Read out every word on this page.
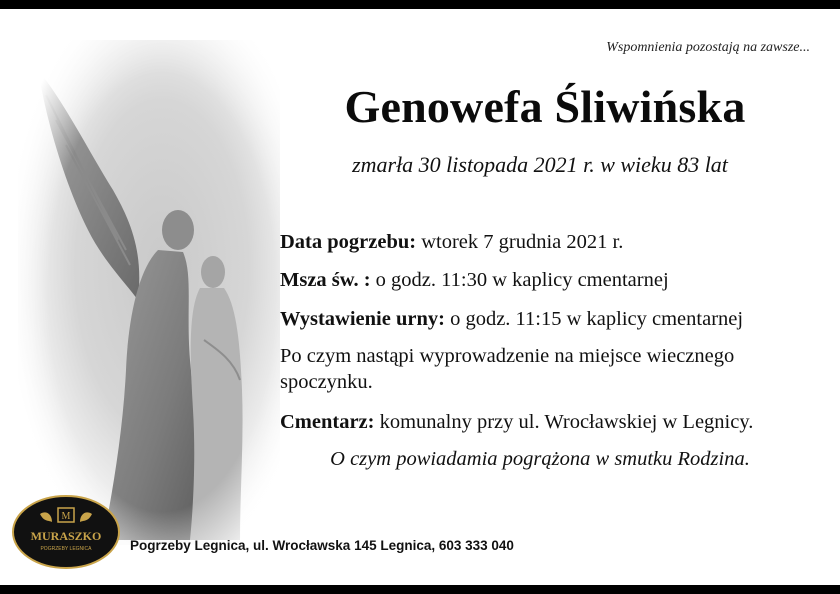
M
MURASZKO
POGRZEBY LEGNICA
Wspomnienia pozostają na zawsze...
Genowefa Śliwińska
zmarła 30 listopada 2021 r. w wieku 83 lat
Data pogrzebu: wtorek 7 grudnia 2021 r.
Msza św. : o godz. 11:30 w kaplicy cmentarnej
Wystawienie urny: o godz. 11:15 w kaplicy cmentarnej
Po czym nastąpi wyprowadzenie na miejsce wiecznego spoczynku.
Cmentarz: komunalny przy ul. Wrocławskiej w Legnicy.
O czym powiadamia pogrążona w smutku Rodzina.
Pogrzeby Legnica, ul. Wrocławska 145 Legnica, 603 333 040
